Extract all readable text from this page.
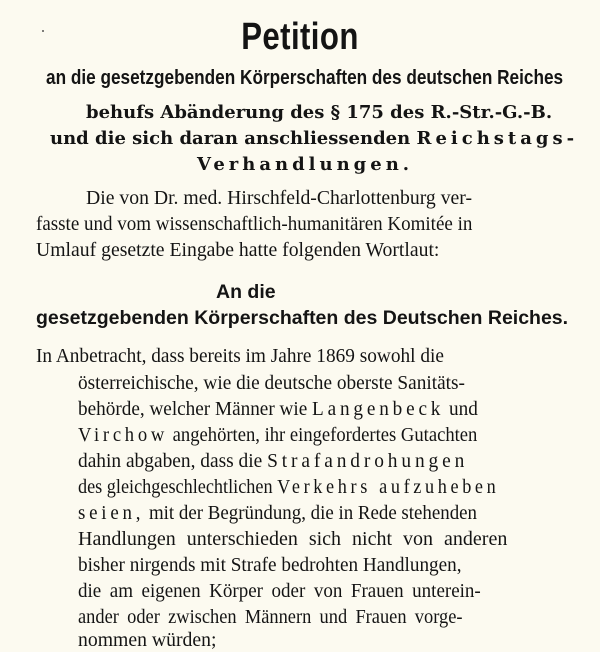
Petition
an die gesetzgebenden Körperschaften des deutschen Reiches
behufs Abänderung des § 175 des R.-Str.-G.-B.
und die sich daran anschliessenden Reichstags-
Verhandlungen.
Die von Dr. med. Hirschfeld-Charlottenburg ver-
fasste und vom wissenschaftlich-humanitären Komitée in
Umlauf gesetzte Eingabe hatte folgenden Wortlaut:
An die
gesetzgebenden Körperschaften des Deutschen Reiches.
In Anbetracht, dass bereits im Jahre 1869 sowohl die
österreichische, wie die deutsche oberste Sanitäts-
behörde, welcher Männer wie Langenbeck und
Virchow angehörten, ihr eingefordertes Gutachten
dahin abgaben, dass die Strafandrohungen
des gleichgeschlechtlichen Verkehrs aufzuheben
seien, mit der Begründung, die in Rede stehenden
Handlungen unterschieden sich nicht von anderen
bisher nirgends mit Strafe bedrohten Handlungen,
die am eigenen Körper oder von Frauen unterein-
ander oder zwischen Männern und Frauen vorge-
nommen würden;
